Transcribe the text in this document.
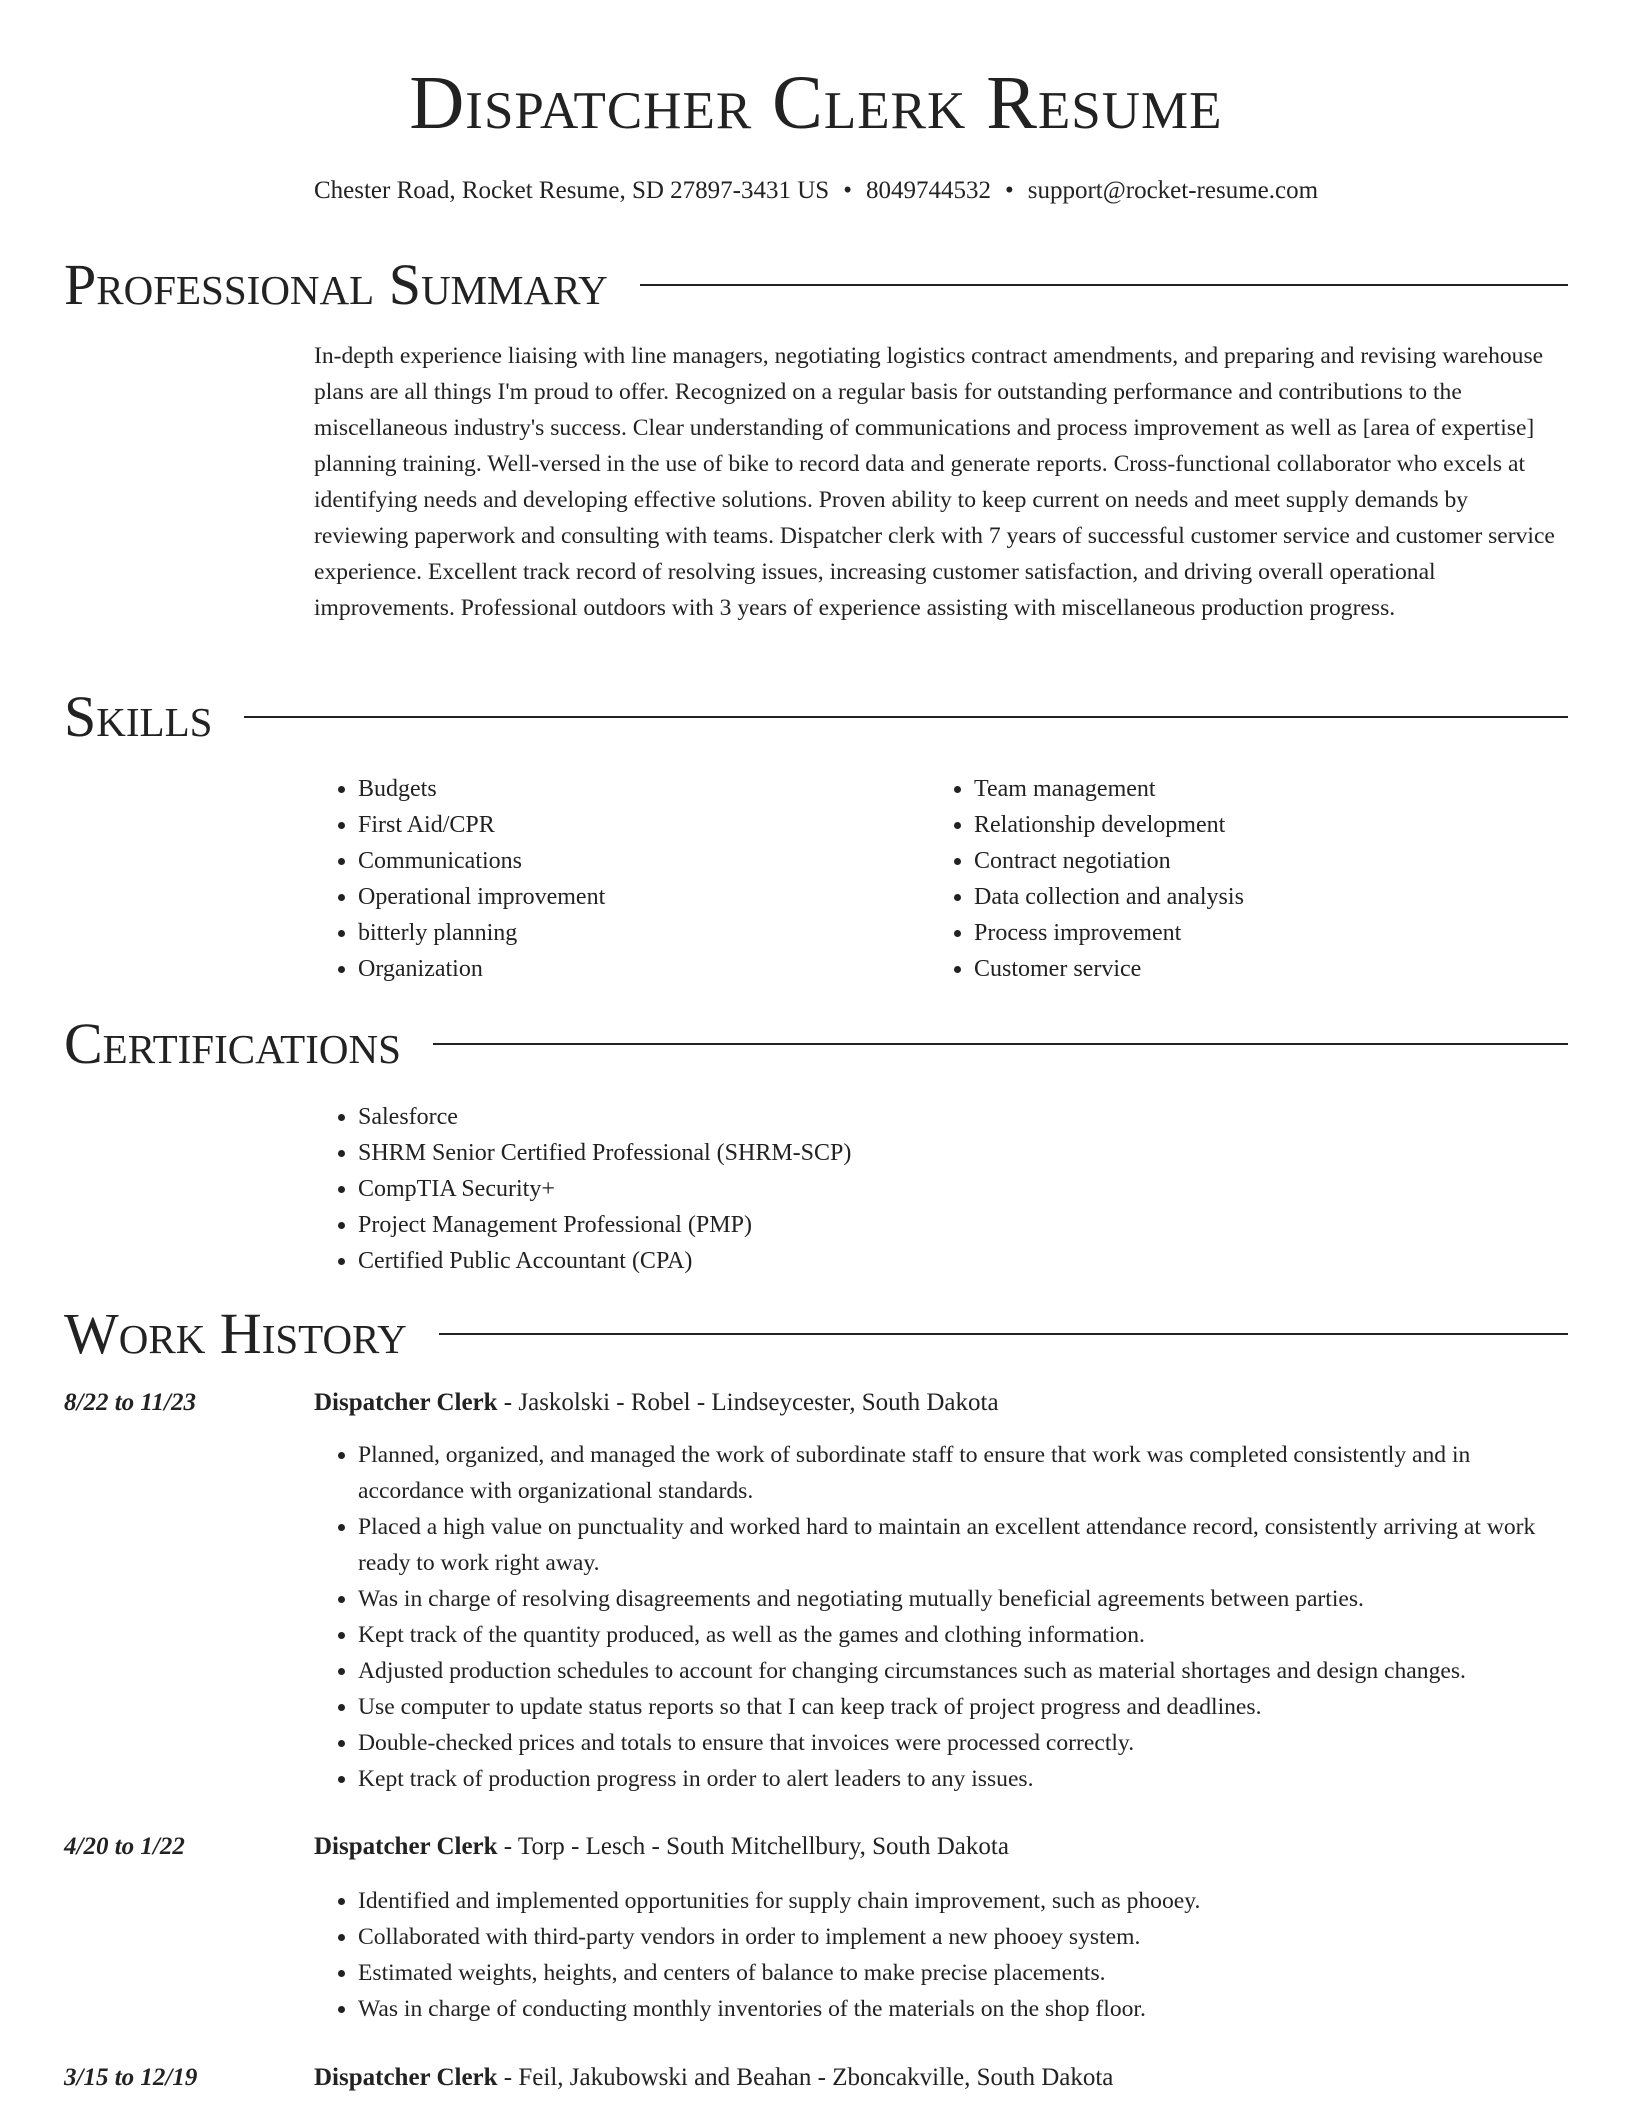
Dispatcher Clerk Resume
Chester Road, Rocket Resume, SD 27897-3431 US • 8049744532 • support@rocket-resume.com
Professional Summary
In-depth experience liaising with line managers, negotiating logistics contract amendments, and preparing and revising warehouse plans are all things I'm proud to offer. Recognized on a regular basis for outstanding performance and contributions to the miscellaneous industry's success. Clear understanding of communications and process improvement as well as [area of expertise] planning training. Well-versed in the use of bike to record data and generate reports. Cross-functional collaborator who excels at identifying needs and developing effective solutions. Proven ability to keep current on needs and meet supply demands by reviewing paperwork and consulting with teams. Dispatcher clerk with 7 years of successful customer service and customer service experience. Excellent track record of resolving issues, increasing customer satisfaction, and driving overall operational improvements. Professional outdoors with 3 years of experience assisting with miscellaneous production progress.
Skills
• Budgets
• First Aid/CPR
• Communications
• Operational improvement
• bitterly planning
• Organization
• Team management
• Relationship development
• Contract negotiation
• Data collection and analysis
• Process improvement
• Customer service
Certifications
• Salesforce
• SHRM Senior Certified Professional (SHRM-SCP)
• CompTIA Security+
• Project Management Professional (PMP)
• Certified Public Accountant (CPA)
Work History
8/22 to 11/23	Dispatcher Clerk - Jaskolski - Robel - Lindseycester, South Dakota
• Planned, organized, and managed the work of subordinate staff to ensure that work was completed consistently and in accordance with organizational standards.
• Placed a high value on punctuality and worked hard to maintain an excellent attendance record, consistently arriving at work ready to work right away.
• Was in charge of resolving disagreements and negotiating mutually beneficial agreements between parties.
• Kept track of the quantity produced, as well as the games and clothing information.
• Adjusted production schedules to account for changing circumstances such as material shortages and design changes.
• Use computer to update status reports so that I can keep track of project progress and deadlines.
• Double-checked prices and totals to ensure that invoices were processed correctly.
• Kept track of production progress in order to alert leaders to any issues.
4/20 to 1/22	Dispatcher Clerk - Torp - Lesch - South Mitchellbury, South Dakota
• Identified and implemented opportunities for supply chain improvement, such as phooey.
• Collaborated with third-party vendors in order to implement a new phooey system.
• Estimated weights, heights, and centers of balance to make precise placements.
• Was in charge of conducting monthly inventories of the materials on the shop floor.
3/15 to 12/19	Dispatcher Clerk - Feil, Jakubowski and Beahan - Zboncakville, South Dakota
